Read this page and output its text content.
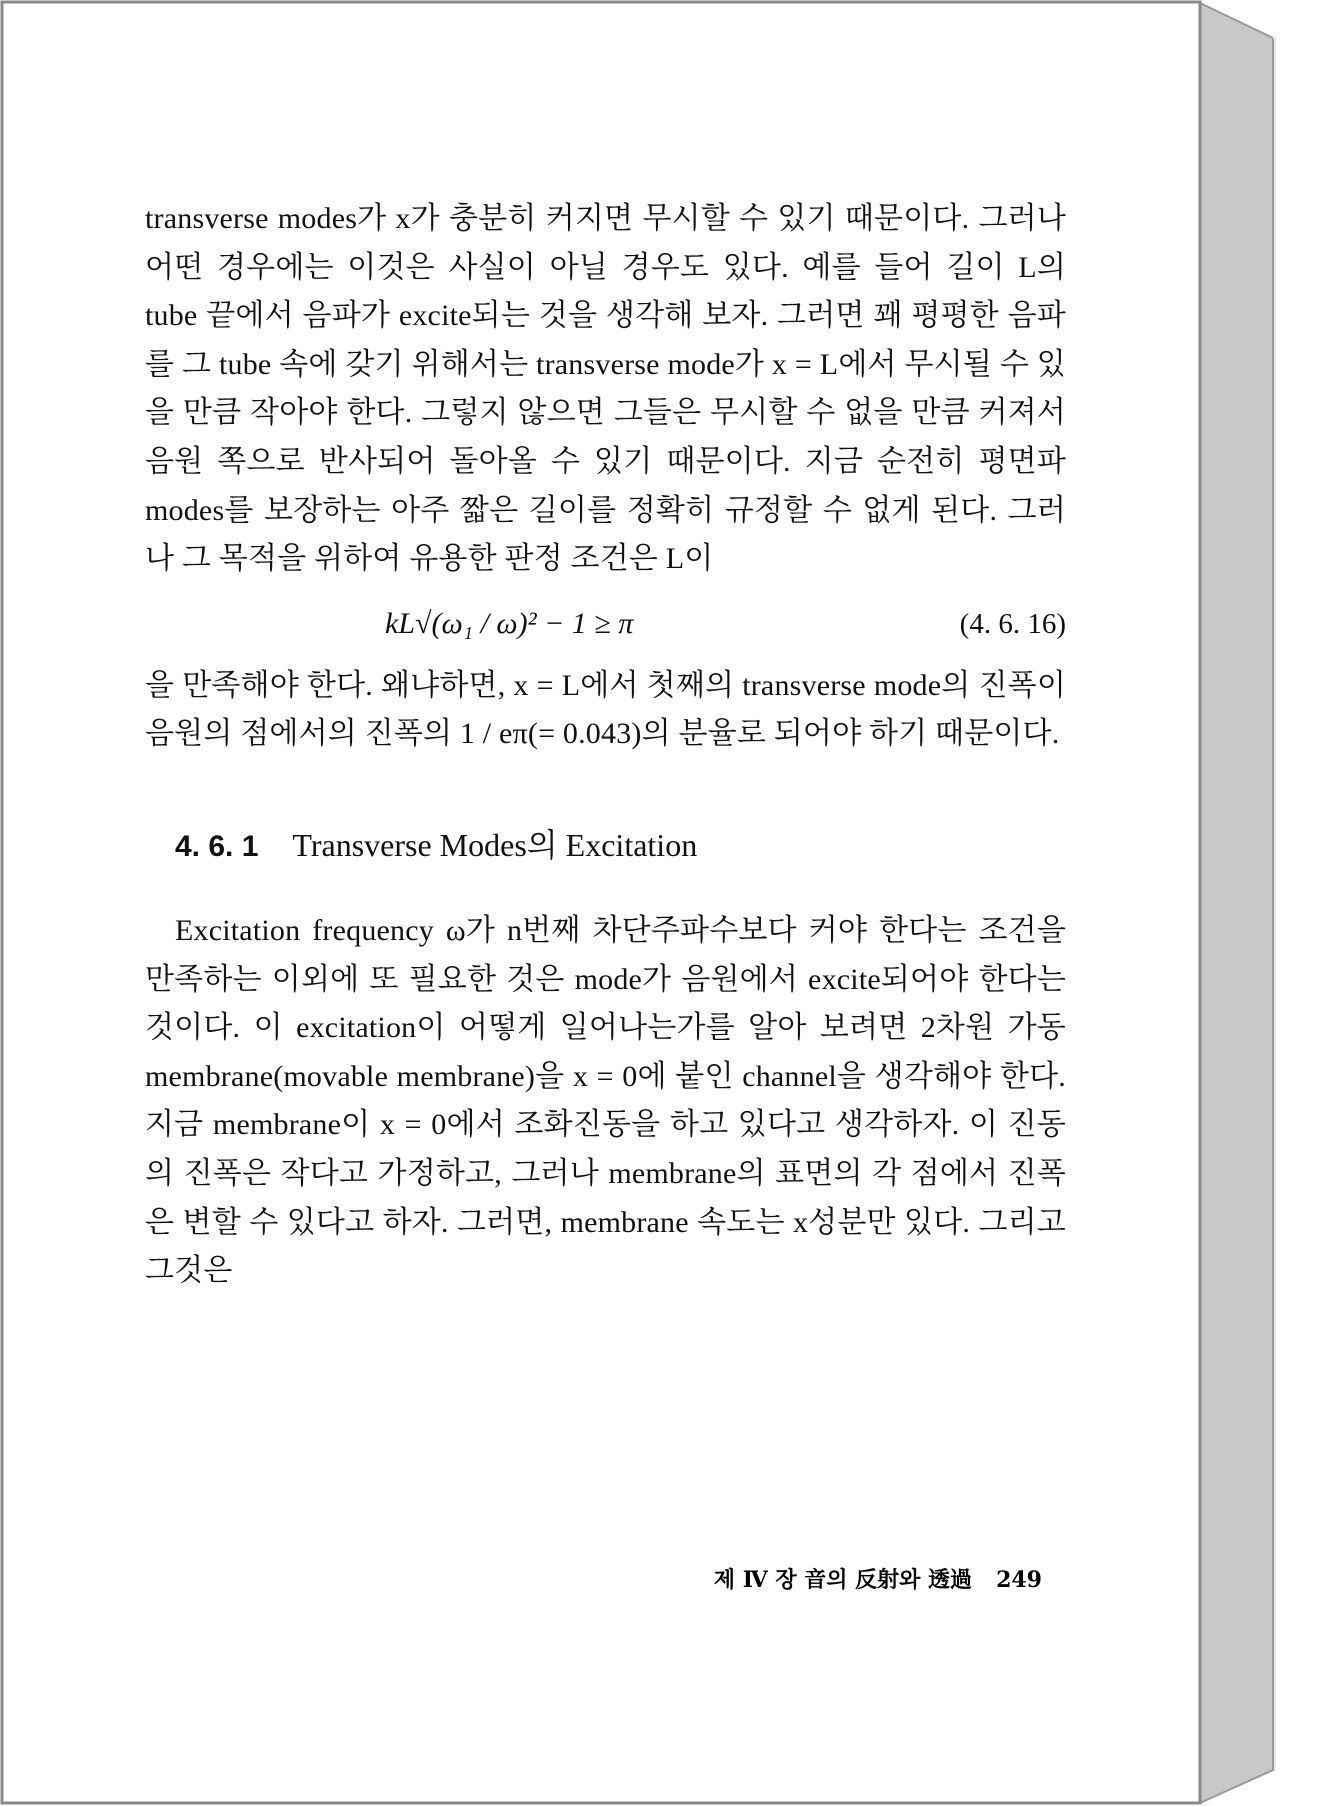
transverse modes가 x가 충분히 커지면 무시할 수 있기 때문이다. 그러나 어떤 경우에는 이것은 사실이 아닐 경우도 있다. 예를 들어 길이 L의 tube 끝에서 음파가 excite되는 것을 생각해 보자. 그러면 꽤 평평한 음파를 그 tube 속에 갖기 위해서는 transverse mode가 x = L에서 무시될 수 있을 만큼 작아야 한다. 그렇지 않으면 그들은 무시할 수 없을 만큼 커져서 음원 쪽으로 반사되어 돌아올 수 있기 때문이다. 지금 순전히 평면파 modes를 보장하는 아주 짧은 길이를 정확히 규정할 수 없게 된다. 그러나 그 목적을 위하여 유용한 판정 조건은 L이

kL√(ω₁ / ω)² − 1 ≥ π	(4. 6. 16)

을 만족해야 한다. 왜냐하면, x = L에서 첫째의 transverse mode의 진폭이 음원의 점에서의 진폭의 1 / eπ(= 0.043)의 분율로 되어야 하기 때문이다.

4. 6. 1 Transverse Modes의 Excitation

Excitation frequency ω가 n번째 차단주파수보다 커야 한다는 조건을 만족하는 이외에 또 필요한 것은 mode가 음원에서 excite되어야 한다는 것이다. 이 excitation이 어떻게 일어나는가를 알아 보려면 2차원 가동 membrane(movable membrane)을 x = 0에 붙인 channel을 생각해야 한다. 지금 membrane이 x = 0에서 조화진동을 하고 있다고 생각하자. 이 진동의 진폭은 작다고 가정하고, 그러나 membrane의 표면의 각 점에서 진폭은 변할 수 있다고 하자. 그러면, membrane 속도는 x성분만 있다. 그리고 그것은

제 Ⅳ 장 音의 反射와 透過 249
